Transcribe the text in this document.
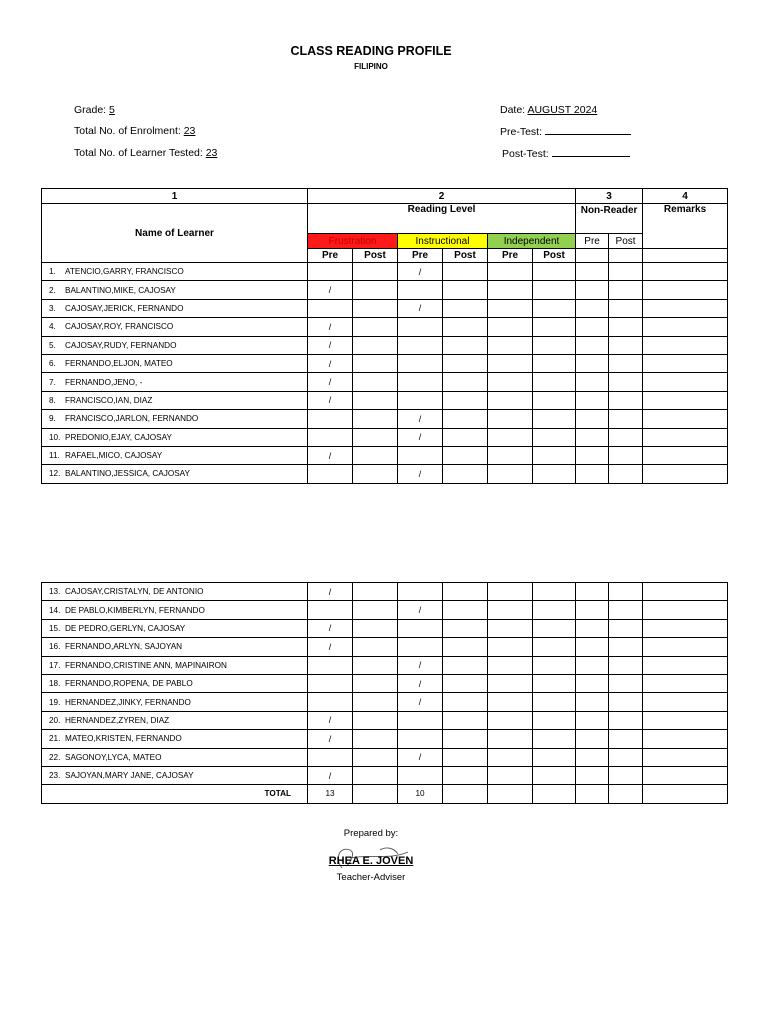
CLASS READING PROFILE
FILIPINO
Grade: 5
Total No. of Enrolment: 23
Total No. of Learner Tested: 23
Date: AUGUST 2024
Pre-Test:
Post-Test:
1	2						3		4
Name of Learner	Reading Level						Non-Reader		Remarks
	Frustration		Instructional		Independent		Pre	Post	
	Pre	Post	Pre	Post	Pre	Post			
1. ATENCIO,GARRY, FRANCISCO			/						
2. BALANTINO,MIKE, CAJOSAY	/								
3. CAJOSAY,JERICK, FERNANDO			/						
4. CAJOSAY,ROY, FRANCISCO	/								
5. CAJOSAY,RUDY, FERNANDO	/								
6. FERNANDO,ELJON, MATEO	/								
7. FERNANDO,JENO, -	/								
8. FRANCISCO,IAN, DIAZ	/								
9. FRANCISCO,JARLON, FERNANDO			/						
10. PREDONIO,EJAY, CAJOSAY			/						
11. RAFAEL,MICO, CAJOSAY	/								
12. BALANTINO,JESSICA, CAJOSAY			/						
13. CAJOSAY,CRISTALYN, DE ANTONIO	/								
14. DE PABLO,KIMBERLYN, FERNANDO			/						
15. DE PEDRO,GERLYN, CAJOSAY	/								
16. FERNANDO,ARLYN, SAJOYAN	/								
17. FERNANDO,CRISTINE ANN, MAPINAIRON			/						
18. FERNANDO,ROPENA, DE PABLO			/						
19. HERNANDEZ,JINKY, FERNANDO			/						
20. HERNANDEZ,ZYREN, DIAZ	/								
21. MATEO,KRISTEN, FERNANDO	/								
22. SAGONOY,LYCA, MATEO			/						
23. SAJOYAN,MARY JANE, CAJOSAY	/								
TOTAL	13		10						
Prepared by:
RHEA E. JOVEN
Teacher-Adviser
